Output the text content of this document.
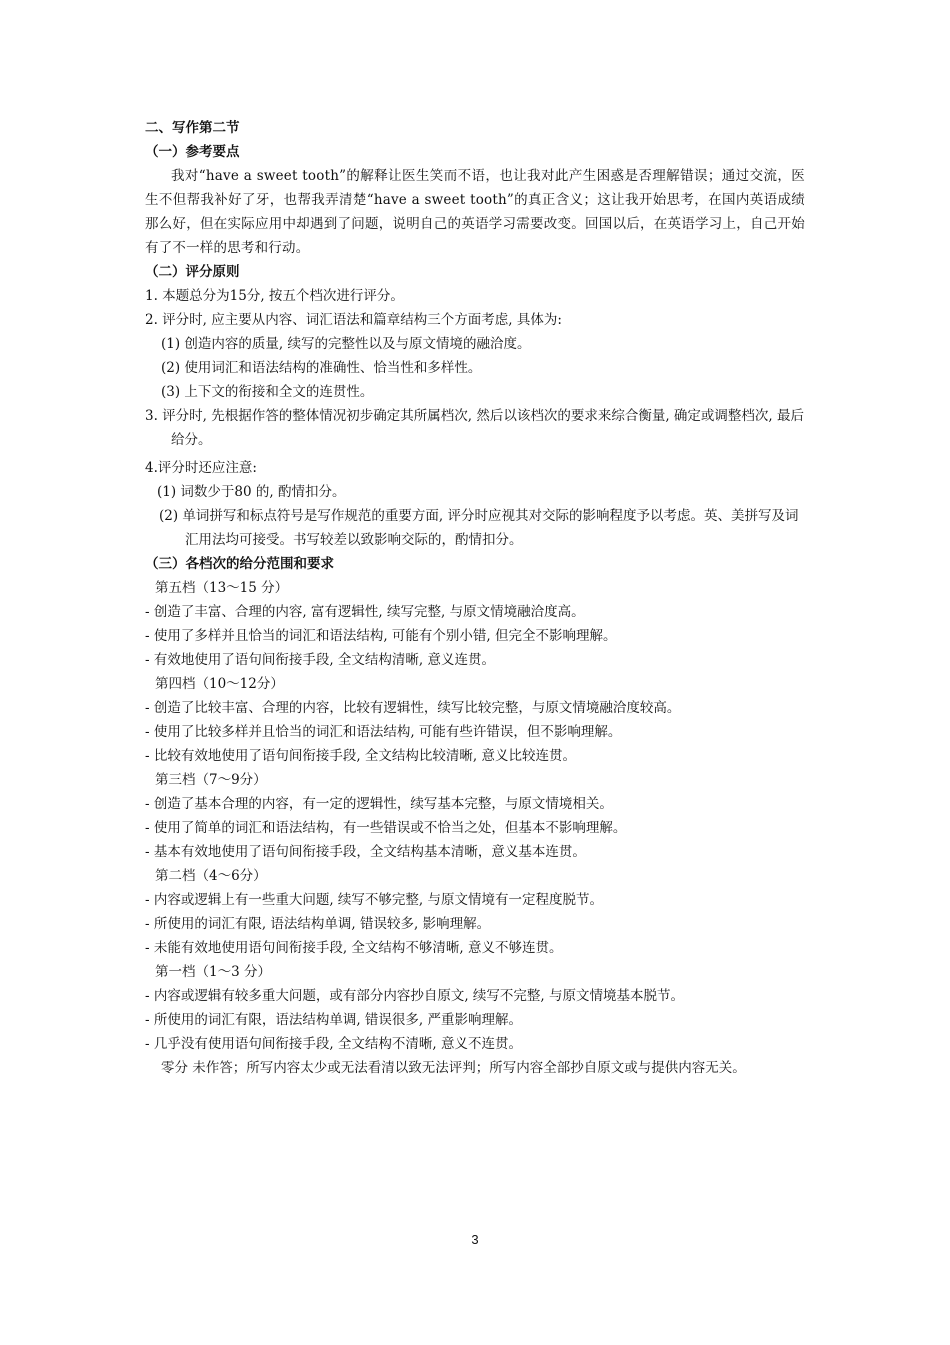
二、写作第二节
（一）参考要点
我对“have a sweet tooth”的解释让医生笑而不语，也让我对此产生困惑是否理解错误；通过交流，医生不但帮我补好了牙，也帮我弄清楚“have a sweet tooth”的真正含义；这让我开始思考，在国内英语成绩那么好，但在实际应用中却遇到了问题，说明自己的英语学习需要改变。回国以后，在英语学习上，自己开始有了不一样的思考和行动。
（二）评分原则
1. 本题总分为15分, 按五个档次进行评分。
2. 评分时, 应主要从内容、词汇语法和篇章结构三个方面考虑, 具体为:
(1) 创造内容的质量, 续写的完整性以及与原文情境的融洽度。
(2) 使用词汇和语法结构的准确性、恰当性和多样性。
(3) 上下文的衔接和全文的连贯性。
3. 评分时, 先根据作答的整体情况初步确定其所属档次, 然后以该档次的要求来综合衡量, 确定或调整档次, 最后给分。
4.评分时还应注意:
(1) 词数少于80 的, 酌情扣分。
(2) 单词拼写和标点符号是写作规范的重要方面, 评分时应视其对交际的影响程度予以考虑。英、美拼写及词汇用法均可接受。书写较差以致影响交际的，酌情扣分。
（三）各档次的给分范围和要求
第五档（13～15 分）
- 创造了丰富、合理的内容, 富有逻辑性, 续写完整, 与原文情境融洽度高。
- 使用了多样并且恰当的词汇和语法结构, 可能有个别小错, 但完全不影响理解。
- 有效地使用了语句间衔接手段, 全文结构清晰, 意义连贯。
第四档（10～12分）
- 创造了比较丰富、合理的内容，比较有逻辑性，续写比较完整，与原文情境融洽度较高。
- 使用了比较多样并且恰当的词汇和语法结构, 可能有些许错误，但不影响理解。
- 比较有效地使用了语句间衔接手段, 全文结构比较清晰, 意义比较连贯。
第三档（7～9分）
- 创造了基本合理的内容，有一定的逻辑性，续写基本完整，与原文情境相关。
- 使用了简单的词汇和语法结构，有一些错误或不恰当之处，但基本不影响理解。
- 基本有效地使用了语句间衔接手段，全文结构基本清晰，意义基本连贯。
第二档（4～6分）
- 内容或逻辑上有一些重大问题, 续写不够完整, 与原文情境有一定程度脱节。
- 所使用的词汇有限, 语法结构单调, 错误较多, 影响理解。
- 未能有效地使用语句间衔接手段, 全文结构不够清晰, 意义不够连贯。
第一档（1～3 分）
- 内容或逻辑有较多重大问题，或有部分内容抄自原文, 续写不完整, 与原文情境基本脱节。
- 所使用的词汇有限，语法结构单调, 错误很多, 严重影响理解。
- 几乎没有使用语句间衔接手段, 全文结构不清晰, 意义不连贯。
零分 未作答；所写内容太少或无法看清以致无法评判；所写内容全部抄自原文或与提供内容无关。
3
